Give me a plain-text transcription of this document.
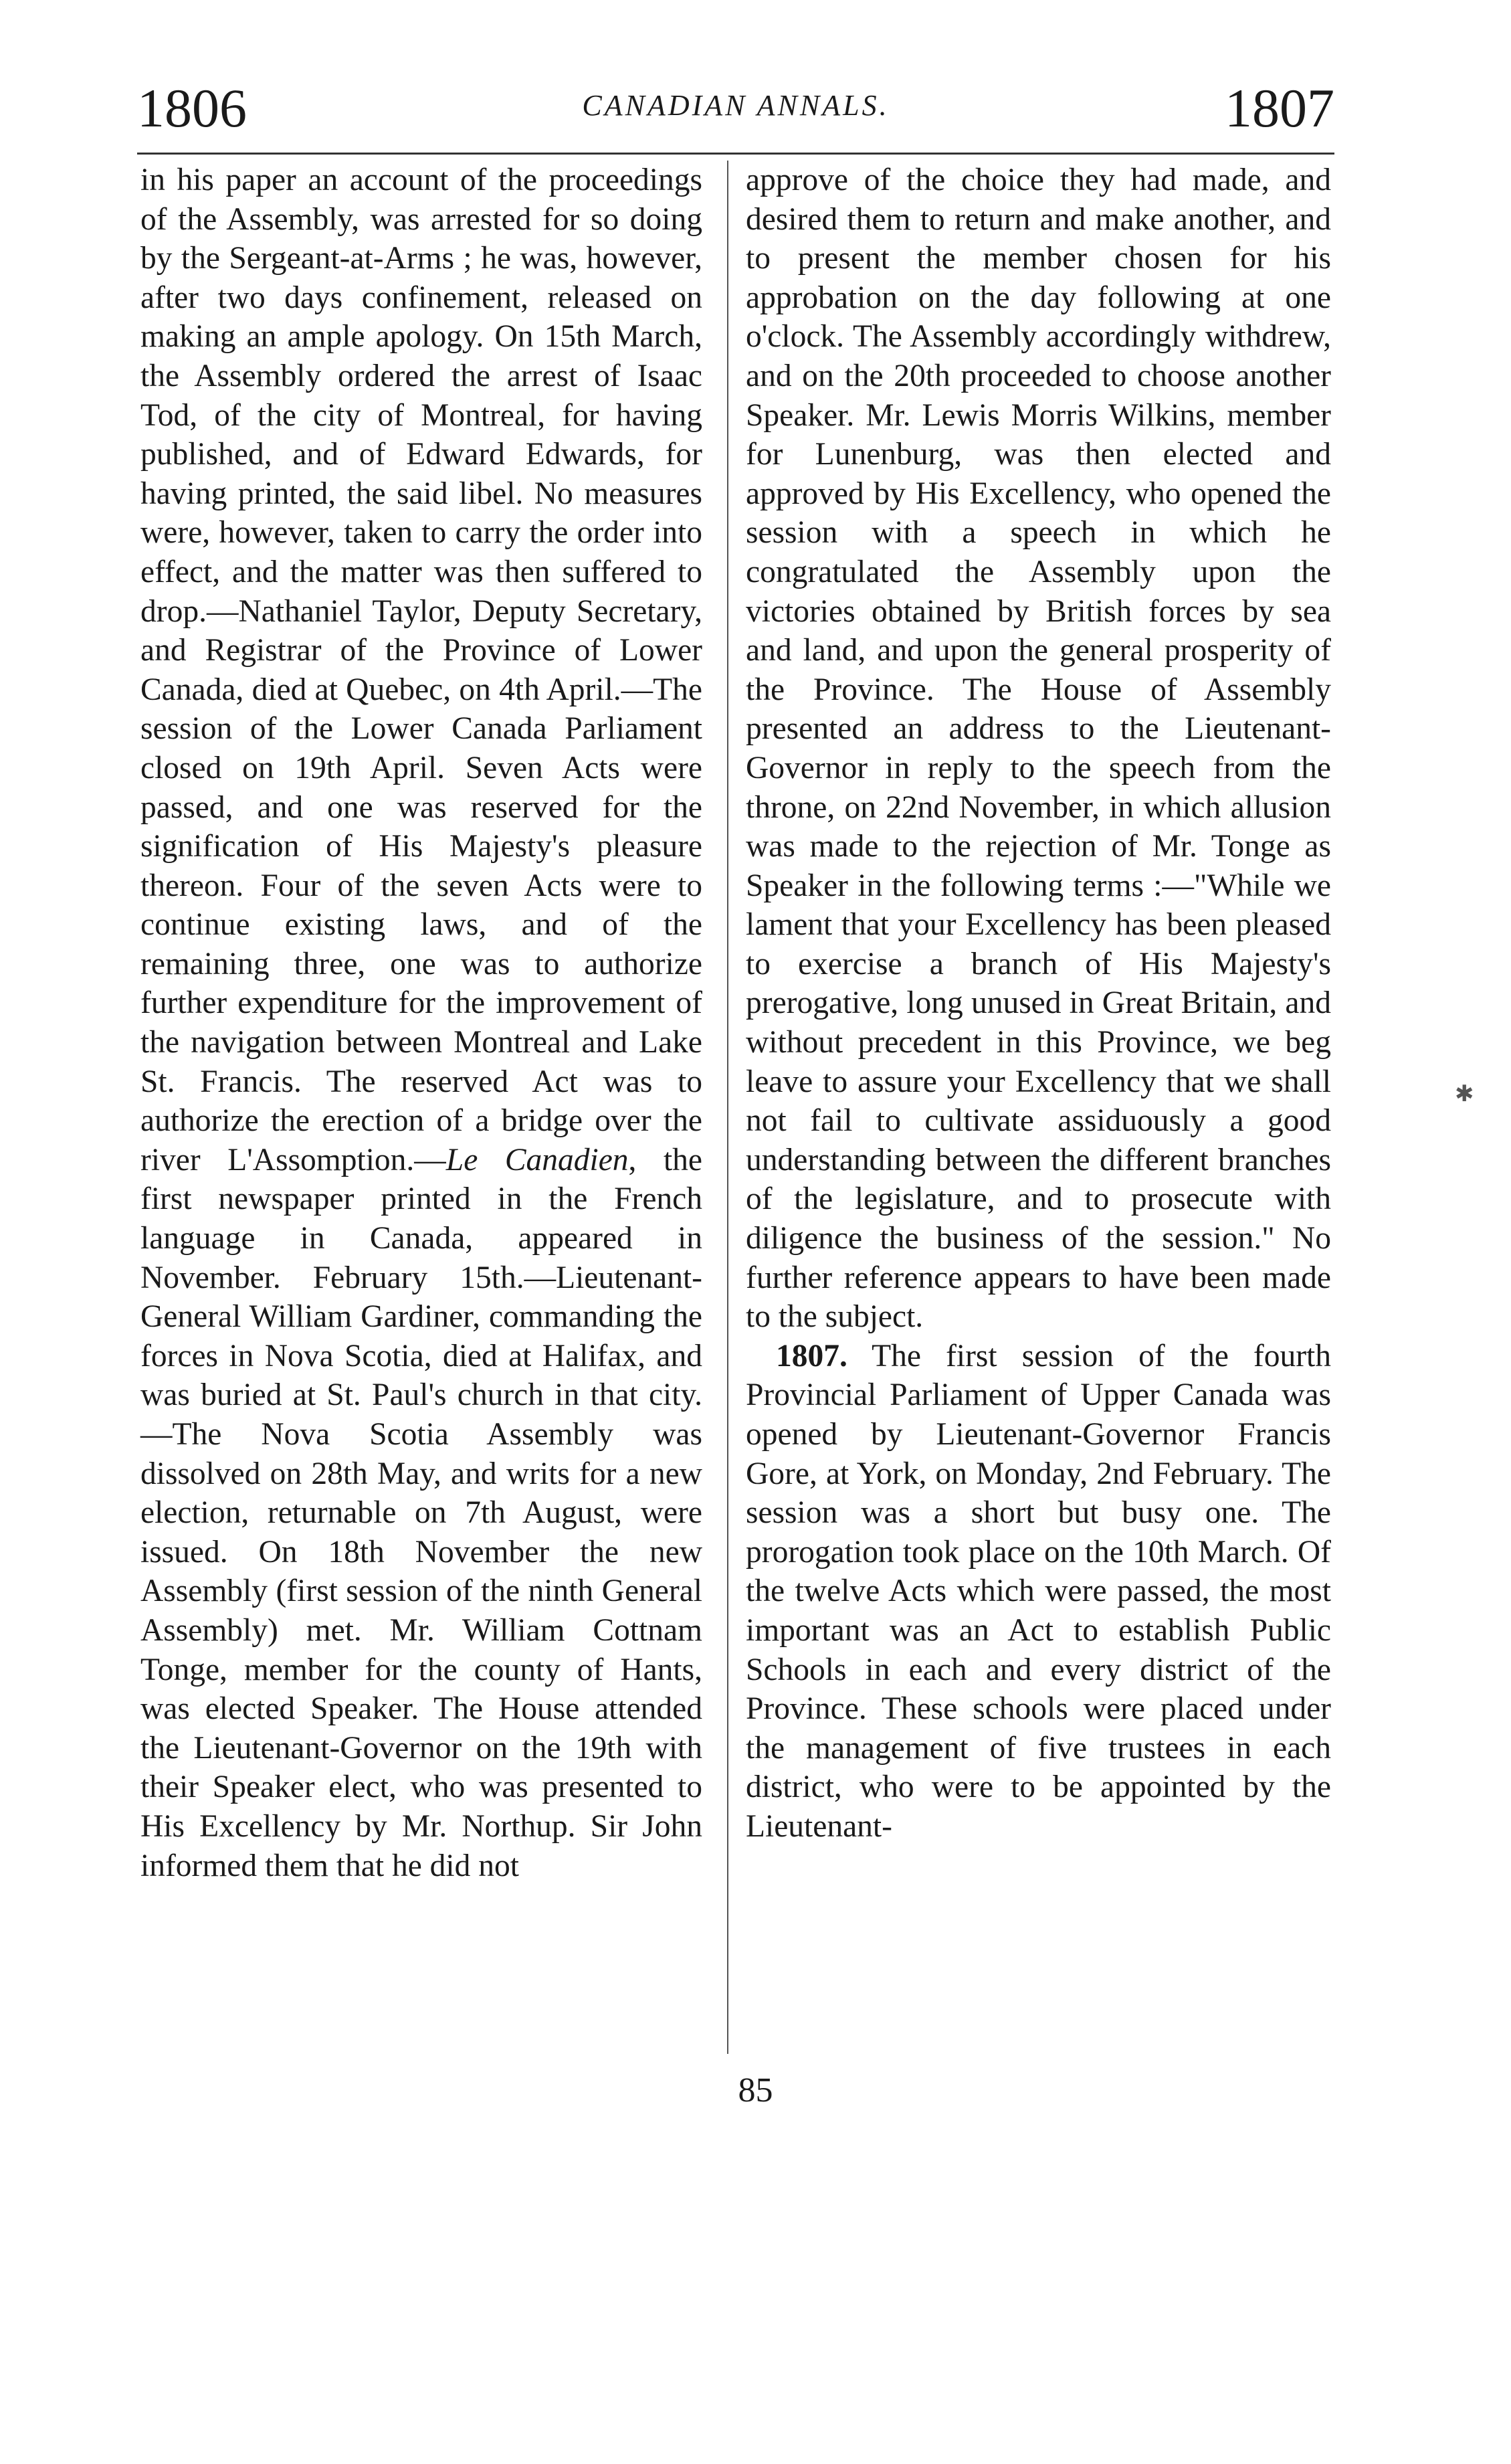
1806	CANADIAN ANNALS.	1807

in his paper an account of the proceedings of the Assembly, was arrested for so doing by the Sergeant-at-Arms ; he was, however, after two days confinement, released on making an ample apology. On 15th March, the Assembly ordered the arrest of Isaac Tod, of the city of Montreal, for having published, and of Edward Edwards, for having printed, the said libel. No measures were, however, taken to carry the order into effect, and the matter was then suffered to drop.—Nathaniel Taylor, Deputy Secretary, and Registrar of the Province of Lower Canada, died at Quebec, on 4th April.—The session of the Lower Canada Parliament closed on 19th April. Seven Acts were passed, and one was reserved for the signification of His Majesty's pleasure thereon. Four of the seven Acts were to continue existing laws, and of the remaining three, one was to authorize further expenditure for the improvement of the navigation between Montreal and Lake St. Francis. The reserved Act was to authorize the erection of a bridge over the river L'Assomption.—Le Canadien, the first newspaper printed in the French language in Canada, appeared in November. February 15th.—Lieutenant-General William Gardiner, commanding the forces in Nova Scotia, died at Halifax, and was buried at St. Paul's church in that city.—The Nova Scotia Assembly was dissolved on 28th May, and writs for a new election, returnable on 7th August, were issued. On 18th November the new Assembly (first session of the ninth General Assembly) met. Mr. William Cottnam Tonge, member for the county of Hants, was elected Speaker. The House attended the Lieutenant-Governor on the 19th with their Speaker elect, who was presented to His Excellency by Mr. Northup. Sir John informed them that he did not

approve of the choice they had made, and desired them to return and make another, and to present the member chosen for his approbation on the day following at one o'clock. The Assembly accordingly withdrew, and on the 20th proceeded to choose another Speaker. Mr. Lewis Morris Wilkins, member for Lunenburg, was then elected and approved by His Excellency, who opened the session with a speech in which he congratulated the Assembly upon the victories obtained by British forces by sea and land, and upon the general prosperity of the Province. The House of Assembly presented an address to the Lieutenant-Governor in reply to the speech from the throne, on 22nd November, in which allusion was made to the rejection of Mr. Tonge as Speaker in the following terms :—"While we lament that your Excellency has been pleased to exercise a branch of His Majesty's prerogative, long unused in Great Britain, and without precedent in this Province, we beg leave to assure your Excellency that we shall not fail to cultivate assiduously a good understanding between the different branches of the legislature, and to prosecute with diligence the business of the session." No further reference appears to have been made to the subject.

1807. The first session of the fourth Provincial Parliament of Upper Canada was opened by Lieutenant-Governor Francis Gore, at York, on Monday, 2nd February. The session was a short but busy one. The prorogation took place on the 10th March. Of the twelve Acts which were passed, the most important was an Act to establish Public Schools in each and every district of the Province. These schools were placed under the management of five trustees in each district, who were to be appointed by the Lieutenant-

✱
85
